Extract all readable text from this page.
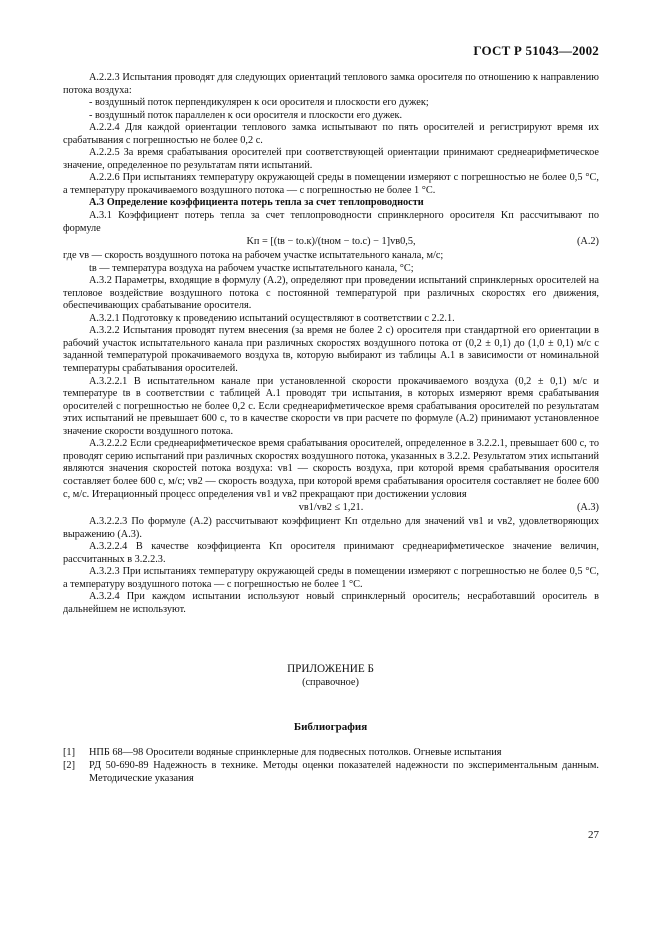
ГОСТ Р 51043—2002

А.2.2.3 Испытания проводят для следующих ориентаций теплового замка оросителя по отношению к направлению потока воздуха:

- воздушный поток перпендикулярен к оси оросителя и плоскости его дужек;

- воздушный поток параллелен к оси оросителя и плоскости его дужек.

А.2.2.4 Для каждой ориентации теплового замка испытывают по пять оросителей и регистрируют время их срабатывания с погрешностью не более 0,2 с.

А.2.2.5 За время срабатывания оросителей при соответствующей ориентации принимают среднеарифметическое значение, определенное по результатам пяти испытаний.

А.2.2.6 При испытаниях температуру окружающей среды в помещении измеряют с погрешностью не более 0,5 °С, а температуру прокачиваемого воздушного потока — с погрешностью не более 1 °С.

А.3 Определение коэффициента потерь тепла за счет теплопроводности

А.3.1 Коэффициент потерь тепла за счет теплопроводности спринклерного оросителя Kп рассчитывают по формуле

Kп = [(tв − tо.к)/(tном − tо.с) − 1]vв0,5,	(А.2)

где vв — скорость воздушного потока на рабочем участке испытательного канала, м/с;

tв — температура воздуха на рабочем участке испытательного канала, °С;

А.3.2 Параметры, входящие в формулу (А.2), определяют при проведении испытаний спринклерных оросителей на тепловое воздействие воздушного потока с постоянной температурой при различных скоростях его движения, обеспечивающих срабатывание оросителя.

А.3.2.1 Подготовку к проведению испытаний осуществляют в соответствии с 2.2.1.

А.3.2.2 Испытания проводят путем внесения (за время не более 2 с) оросителя при стандартной его ориентации в рабочий участок испытательного канала при различных скоростях воздушного потока от (0,2 ± 0,1) до (1,0 ± 0,1) м/с с заданной температурой прокачиваемого воздуха tв, которую выбирают из таблицы А.1 в зависимости от номинальной температуры срабатывания оросителей.

А.3.2.2.1 В испытательном канале при установленной скорости прокачиваемого воздуха (0,2 ± 0,1) м/с и температуре tв в соответствии с таблицей А.1 проводят три испытания, в которых измеряют время срабатывания оросителей с погрешностью не более 0,2 с. Если среднеарифметическое время срабатывания оросителей по результатам этих испытаний не превышает 600 с, то в качестве скорости vв при расчете по формуле (А.2) принимают установленное значение скорости воздушного потока.

А.3.2.2.2 Если среднеарифметическое время срабатывания оросителей, определенное в 3.2.2.1, превышает 600 с, то проводят серию испытаний при различных скоростях воздушного потока, указанных в 3.2.2. Результатом этих испытаний являются значения скоростей потока воздуха: vв1 — скорость воздуха, при которой время срабатывания оросителя составляет более 600 с, м/с; vв2 — скорость воздуха, при которой время срабатывания оросителя составляет не более 600 с, м/с. Итерационный процесс определения vв1 и vв2 прекращают при достижении условия

vв1/vв2 ≤ 1,21.	(А.3)

А.3.2.2.3 По формуле (А.2) рассчитывают коэффициент Kп отдельно для значений vв1 и vв2, удовлетворяющих выражению (А.3).

А.3.2.2.4 В качестве коэффициента Kп оросителя принимают среднеарифметическое значение величин, рассчитанных в 3.2.2.3.

А.3.2.3 При испытаниях температуру окружающей среды в помещении измеряют с погрешностью не более 0,5 °С, а температуру воздушного потока — с погрешностью не более 1 °С.

А.3.2.4 При каждом испытании используют новый спринклерный ороситель; несработавший ороситель в дальнейшем не используют.

ПРИЛОЖЕНИЕ Б
(справочное)
Библиография
[1] НПБ 68—98 Оросители водяные спринклерные для подвесных потолков. Огневые испытания
[2] РД 50-690-89 Надежность в технике. Методы оценки показателей надежности по экспериментальным данным. Методические указания
27
